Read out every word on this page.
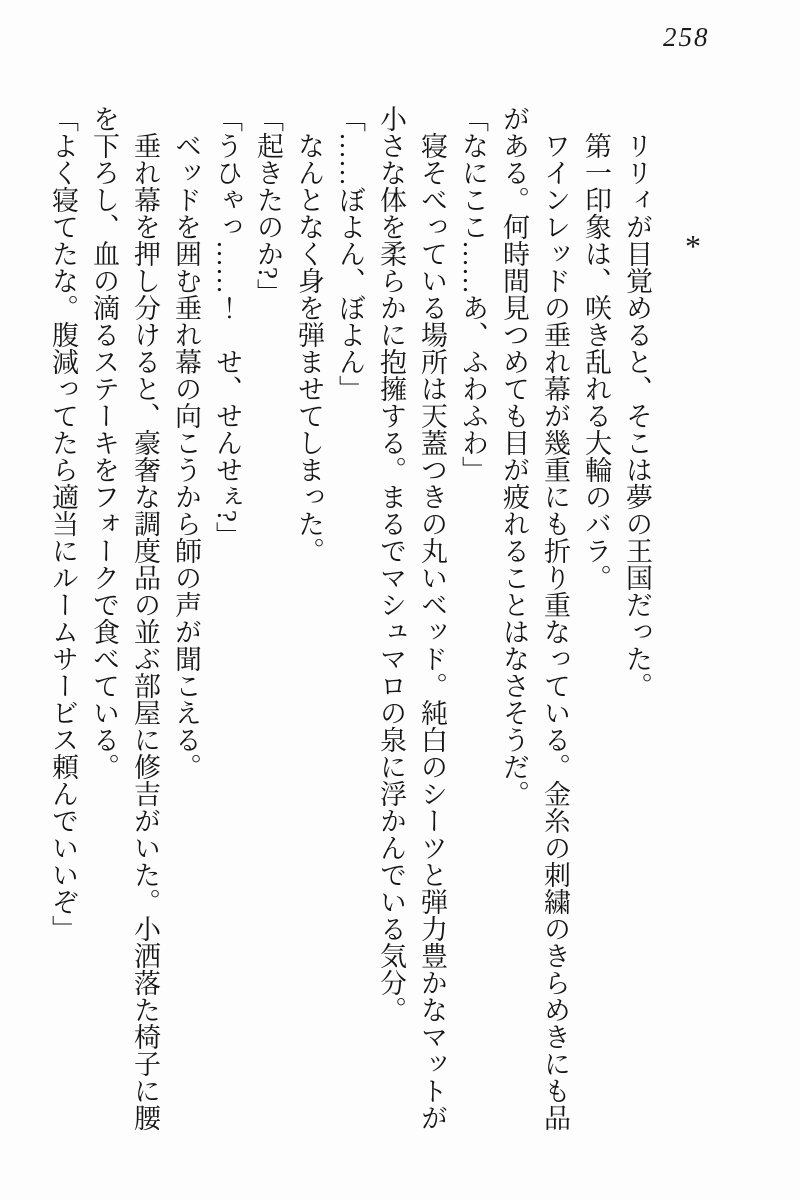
258
*

　リリィが目覚めると、そこは夢の王国だった。

　第一印象は、咲き乱れる大輪のバラ。

　ワインレッドの垂れ幕が幾重にも折り重なっている。金糸の刺繍のきらめきにも品がある。何時間見つめても目が疲れることはなさそうだ。

「なにここ……あ、ふわふわ」

　寝そべっている場所は天蓋つきの丸いベッド。純白のシーツと弾力豊かなマットが小さな体を柔らかに抱擁する。まるでマシュマロの泉に浮かんでいる気分。

「……ぼよん、ぼよん」

　なんとなく身を弾ませてしまった。

「起きたのか?」

「うひゃっ……！　せ、せんせぇ?」

　ベッドを囲む垂れ幕の向こうから師の声が聞こえる。

　垂れ幕を押し分けると、豪奢な調度品の並ぶ部屋に修吉がいた。小洒落た椅子に腰を下ろし、血の滴るステーキをフォークで食べている。

「よく寝てたな。腹減ってたら適当にルームサービス頼んでいいぞ」
